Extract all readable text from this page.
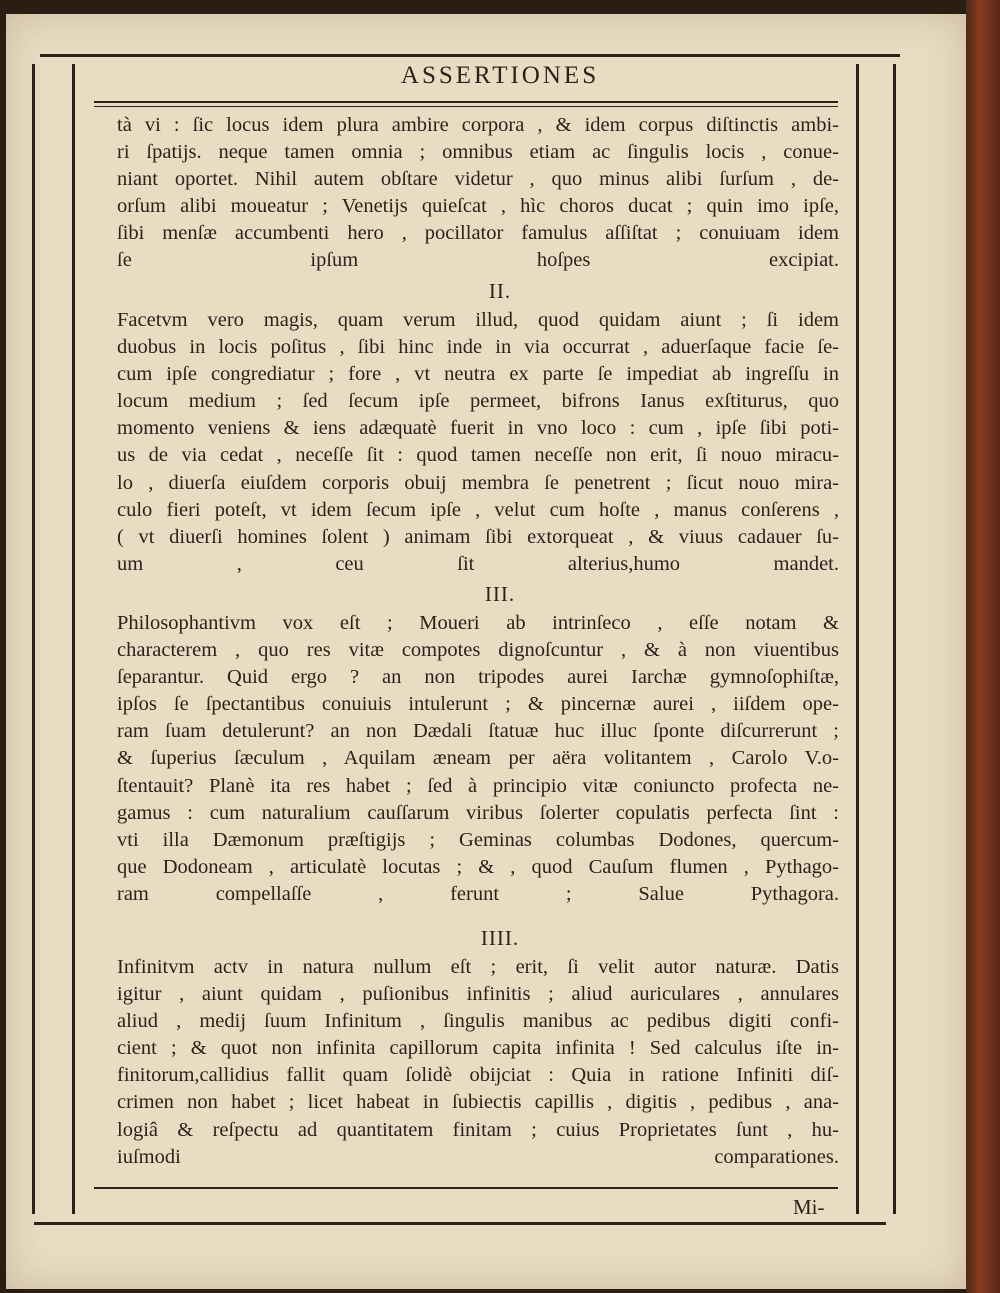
ASSERTIONES
tà vi : ſic locus idem plura ambire corpora , & idem corpus diſtinctis ambi-
ri ſpatijs. neque tamen omnia ; omnibus etiam ac ſingulis locis , conue-
niant oportet. Nihil autem obſtare videtur , quo minus alibi ſurſum , de-
orſum alibi moueatur ; Venetijs quieſcat , hìc choros ducat ; quin imo ipſe,
ſibi menſæ accumbenti hero , pocillator famulus aſſiſtat ; conuiuam idem
ſe ipſum hoſpes excipiat.
II.
Facetvm vero magis, quam verum illud, quod quidam aiunt ; ſi idem
duobus in locis poſitus , ſibi hinc inde in via occurrat , aduerſaque facie ſe-
cum ipſe congrediatur ; fore , vt neutra ex parte ſe impediat ab ingreſſu in
locum medium ; ſed ſecum ipſe permeet, bifrons Ianus exſtiturus, quo
momento veniens & iens adæquatè fuerit in vno loco : cum , ipſe ſibi poti-
us de via cedat , neceſſe ſit : quod tamen neceſſe non erit, ſi nouo miracu-
lo , diuerſa eiuſdem corporis obuij membra ſe penetrent ; ſicut nouo mira-
culo fieri poteſt, vt idem ſecum ipſe , velut cum hoſte , manus conſerens ,
( vt diuerſi homines ſolent ) animam ſibi extorqueat , & viuus cadauer ſu-
um , ceu ſit alterius,humo mandet.
III.
Philosophantivm vox eſt ; Moueri ab intrinſeco , eſſe notam &
characterem , quo res vitæ compotes dignoſcuntur , & à non viuentibus
ſeparantur. Quid ergo ? an non tripodes aurei Iarchæ gymnoſophiſtæ,
ipſos ſe ſpectantibus conuiuis intulerunt ; & pincernæ aurei , iiſdem ope-
ram ſuam detulerunt? an non Dædali ſtatuæ huc illuc ſponte diſcurrerunt ;
& ſuperius ſæculum , Aquilam æneam per aëra volitantem , Carolo V.o-
ſtentauit? Planè ita res habet ; ſed à principio vitæ coniuncto profecta ne-
gamus : cum naturalium cauſſarum viribus ſolerter copulatis perfecta ſint :
vti illa Dæmonum præſtigijs ; Geminas columbas Dodones, quercum-
que Dodoneam , articulatè locutas ; & , quod Cauſum flumen , Pythago-
ram compellaſſe , ferunt ; Salue Pythagora.
IIII.
Infinitvm actv in natura nullum eſt ; erit, ſi velit autor naturæ. Datis
igitur , aiunt quidam , puſionibus infinitis ; aliud auriculares , annulares
aliud , medij ſuum Infinitum , ſingulis manibus ac pedibus digiti confi-
cient ; & quot non infinita capillorum capita infinita ! Sed calculus iſte in-
finitorum,callidius fallit quam ſolidè obijciat : Quia in ratione Infiniti diſ-
crimen non habet ; licet habeat in ſubiectis capillis , digitis , pedibus , ana-
logiâ & reſpectu ad quantitatem finitam ; cuius Proprietates ſunt , hu-
iuſmodi comparationes.
Mi-
